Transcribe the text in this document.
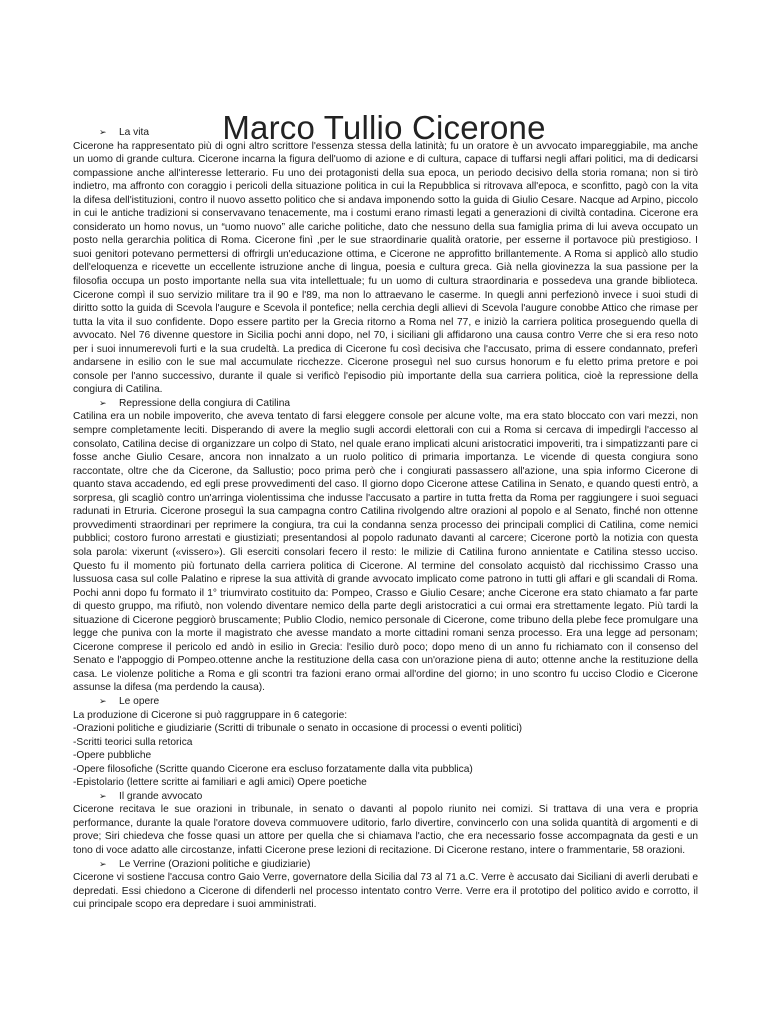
Marco Tullio Cicerone

➢ La vita

Cicerone ha rappresentato più di ogni altro scrittore l'essenza stessa della latinità; fu un oratore è un avvocato impareggiabile, ma anche un uomo di grande cultura. Cicerone incarna la figura dell'uomo di azione e di cultura, capace di tuffarsi negli affari politici, ma di dedicarsi compassione anche all'interesse letterario. Fu uno dei protagonisti della sua epoca, un periodo decisivo della storia romana; non si tirò indietro, ma affronto con coraggio i pericoli della situazione politica in cui la Repubblica si ritrovava all'epoca, e sconfitto, pagò con la vita la difesa dell'istituzioni, contro il nuovo assetto politico che si andava imponendo sotto la guida di Giulio Cesare. Nacque ad Arpino, piccolo in cui le antiche tradizioni si conservavano tenacemente, ma i costumi erano rimasti legati a generazioni di civiltà contadina. Cicerone era considerato un homo novus, un “uomo nuovo” alle cariche politiche, dato che nessuno della sua famiglia prima di lui aveva occupato un posto nella gerarchia politica di Roma. Cicerone finì ,per le sue straordinarie qualità oratorie, per esserne il portavoce più prestigioso. I suoi genitori potevano permettersi di offrirgli un'educazione ottima, e Cicerone ne approfitto brillantemente. A Roma si applicò allo studio dell'eloquenza e ricevette un eccellente istruzione anche di lingua, poesia e cultura greca. Già nella giovinezza la sua passione per la filosofia occupa un posto importante nella sua vita intellettuale; fu un uomo di cultura straordinaria e possedeva una grande biblioteca. Cicerone compì il suo servizio militare tra il 90 e l'89, ma non lo attraevano le caserme. In quegli anni perfezionò invece i suoi studi di diritto sotto la guida di Scevola l'augure e Scevola il pontefice; nella cerchia degli allievi di Scevola l'augure conobbe Attico che rimase per tutta la vita il suo confidente. Dopo essere partito per la Grecia ritorno a Roma nel 77, e iniziò la carriera politica proseguendo quella di avvocato. Nel 76 divenne questore in Sicilia pochi anni dopo, nel 70, i siciliani gli affidarono una causa contro Verre che si era reso noto per i suoi innumerevoli furti e la sua crudeltà. La predica di Cicerone fu così decisiva che l'accusato, prima di essere condannato, preferì andarsene in esilio con le sue mal accumulate ricchezze. Cicerone proseguì nel suo cursus honorum e fu eletto prima pretore e poi console per l'anno successivo, durante il quale si verificò l'episodio più importante della sua carriera politica, cioè la repressione della congiura di Catilina.

➢ Repressione della congiura di Catilina

Catilina era un nobile impoverito, che aveva tentato di farsi eleggere console per alcune volte, ma era stato bloccato con vari mezzi, non sempre completamente leciti. Disperando di avere la meglio sugli accordi elettorali con cui a Roma si cercava di impedirgli l'accesso al consolato, Catilina decise di organizzare un colpo di Stato, nel quale erano implicati alcuni aristocratici impoveriti, tra i simpatizzanti pare ci fosse anche Giulio Cesare, ancora non innalzato a un ruolo politico di primaria importanza. Le vicende di questa congiura sono raccontate, oltre che da Cicerone, da Sallustio; poco prima però che i congiurati passassero all'azione, una spia informo Cicerone di quanto stava accadendo, ed egli prese provvedimenti del caso. Il giorno dopo Cicerone attese Catilina in Senato, e quando questi entrò, a sorpresa, gli scagliò contro un'arringa violentissima che indusse l'accusato a partire in tutta fretta da Roma per raggiungere i suoi seguaci radunati in Etruria. Cicerone proseguì la sua campagna contro Catilina rivolgendo altre orazioni al popolo e al Senato, finché non ottenne provvedimenti straordinari per reprimere la congiura, tra cui la condanna senza processo dei principali complici di Catilina, come nemici pubblici; costoro furono arrestati e giustiziati; presentandosi al popolo radunato davanti al carcere; Cicerone portò la notizia con questa sola parola: vixerunt («vissero»). Gli eserciti consolari fecero il resto: le milizie di Catilina furono annientate e Catilina stesso ucciso. Questo fu il momento più fortunato della carriera politica di Cicerone. Al termine del consolato acquistò dal ricchissimo Crasso una lussuosa casa sul colle Palatino e riprese la sua attività di grande avvocato implicato come patrono in tutti gli affari e gli scandali di Roma. Pochi anni dopo fu formato il 1° triumvirato costituito da: Pompeo, Crasso e Giulio Cesare; anche Cicerone era stato chiamato a far parte di questo gruppo, ma rifiutò, non volendo diventare nemico della parte degli aristocratici a cui ormai era strettamente legato. Più tardi la situazione di Cicerone peggiorò bruscamente; Publio Clodio, nemico personale di Cicerone, come tribuno della plebe fece promulgare una legge che puniva con la morte il magistrato che avesse mandato a morte cittadini romani senza processo. Era una legge ad personam; Cicerone comprese il pericolo ed andò in esilio in Grecia: l'esilio durò poco; dopo meno di un anno fu richiamato con il consenso del Senato e l'appoggio di Pompeo.ottenne anche la restituzione della casa con un'orazione piena di auto; ottenne anche la restituzione della casa. Le violenze politiche a Roma e gli scontri tra fazioni erano ormai all'ordine del giorno; in uno scontro fu ucciso Clodio e Cicerone assunse la difesa (ma perdendo la causa).

➢ Le opere

La produzione di Cicerone si può raggruppare in 6 categorie:

-Orazioni politiche e giudiziarie (Scritti di tribunale o senato in occasione di processi o eventi politici)

-Scritti teorici sulla retorica

-Opere pubbliche

-Opere filosofiche (Scritte quando Cicerone era escluso forzatamente dalla vita pubblica)

-Epistolario (lettere scritte ai familiari e agli amici) Opere poetiche

➢ Il grande avvocato

Cicerone recitava le sue orazioni in tribunale, in senato o davanti al popolo riunito nei comizi. Si trattava di una vera e propria performance, durante la quale l'oratore doveva commuovere uditorio, farlo divertire, convincerlo con una solida quantità di argomenti e di prove; Siri chiedeva che fosse quasi un attore per quella che si chiamava l'actio, che era necessario fosse accompagnata da gesti e un tono di voce adatto alle circostanze, infatti Cicerone prese lezioni di recitazione. Di Cicerone restano, intere o frammentarie, 58 orazioni.

➢ Le Verrine (Orazioni politiche e giudiziarie)

Cicerone vi sostiene l'accusa contro Gaio Verre, governatore della Sicilia dal 73 al 71 a.C. Verre è accusato dai Siciliani di averli derubati e depredati. Essi chiedono a Cicerone di difenderli nel processo intentato contro Verre. Verre era il prototipo del politico avido e corrotto, il cui principale scopo era depredare i suoi amministrati.
